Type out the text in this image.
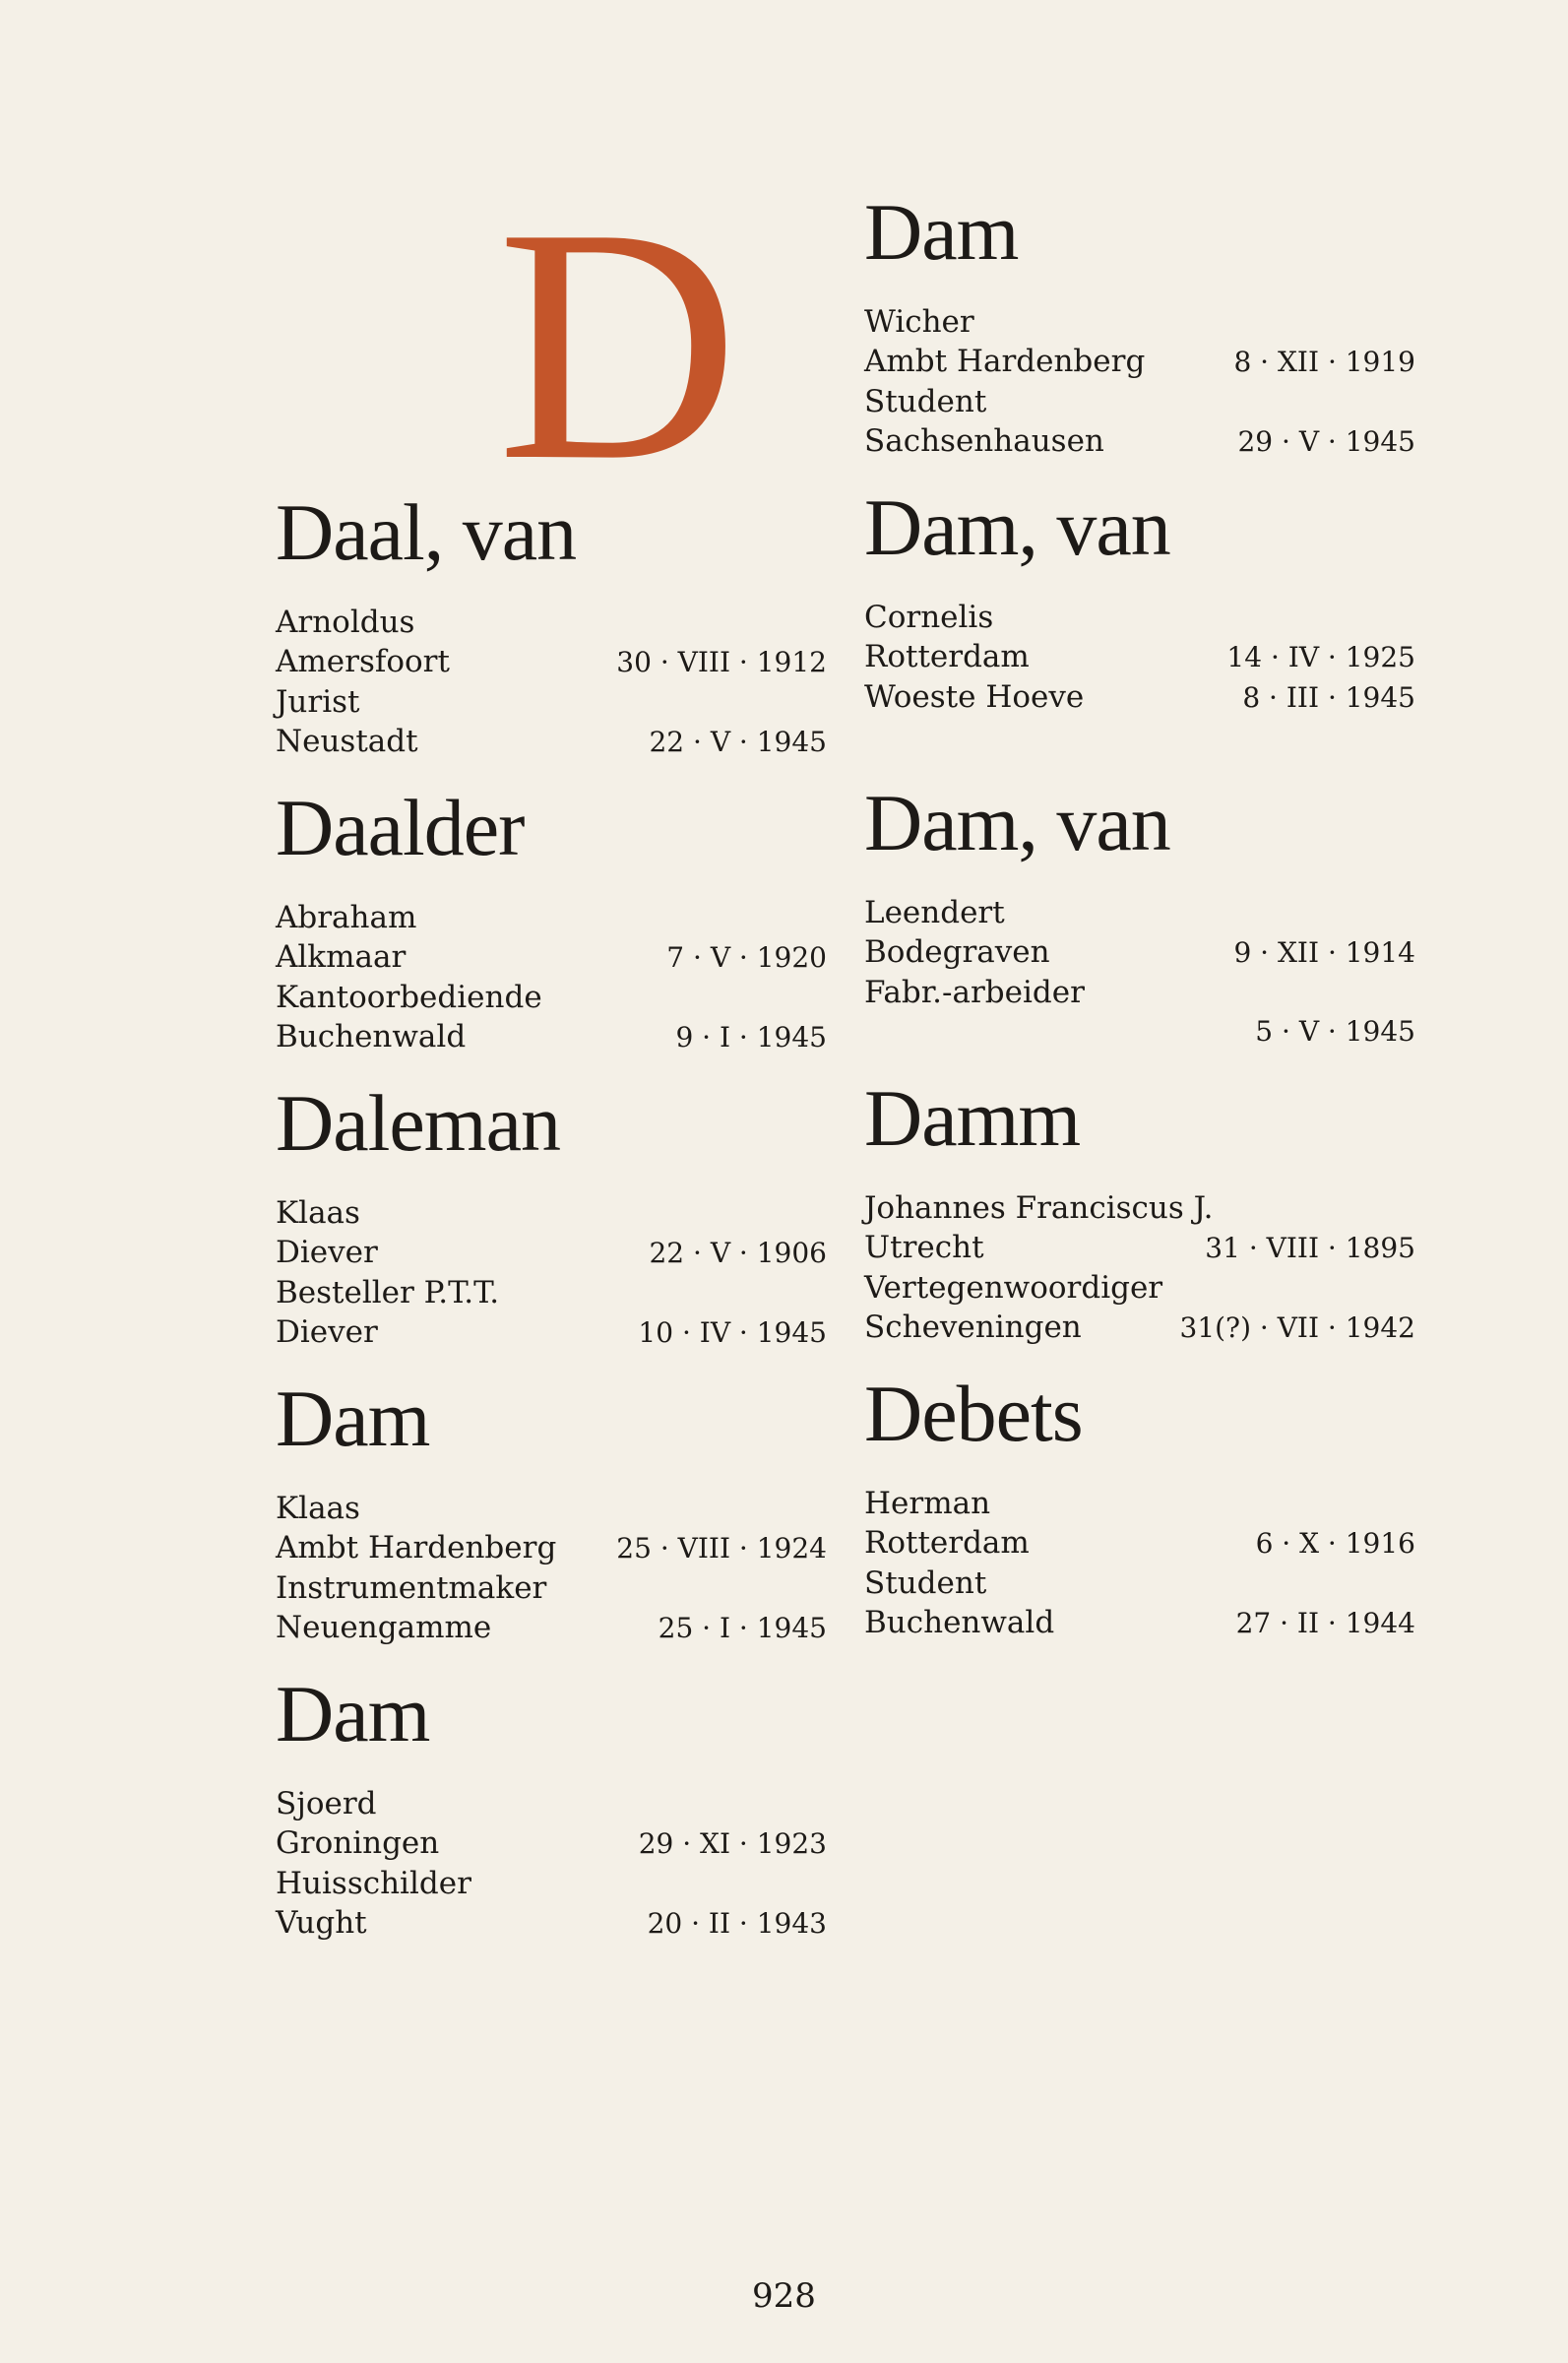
D
Daal, van
Arnoldus
Amersfoort	30 · VIII · 1912
Jurist
Neustadt	22 · V · 1945
Daalder
Abraham
Alkmaar	7 · V · 1920
Kantoorbediende
Buchenwald	9 · I · 1945
Daleman
Klaas
Diever	22 · V · 1906
Besteller P.T.T.
Diever	10 · IV · 1945
Dam
Klaas
Ambt Hardenberg 25 · VIII · 1924
Instrumentmaker
Neuengamme	25 · I · 1945
Dam
Sjoerd
Groningen	29 · XI · 1923
Huisschilder
Vught	20 · II · 1943
Dam
Wicher
Ambt Hardenberg	8 · XII · 1919
Student
Sachsenhausen	29 · V · 1945
Dam, van
Cornelis
Rotterdam	14 · IV · 1925
Woeste Hoeve	8 · III · 1945
Dam, van
Leendert
Bodegraven	9 · XII · 1914
Fabr.-arbeider
5 · V · 1945
Damm
Johannes Franciscus J.
Utrecht	31 · VIII · 1895
Vertegenwoordiger
Scheveningen	31(?) · VII · 1942
Debets
Herman
Rotterdam	6 · X · 1916
Student
Buchenwald	27 · II · 1944
928
